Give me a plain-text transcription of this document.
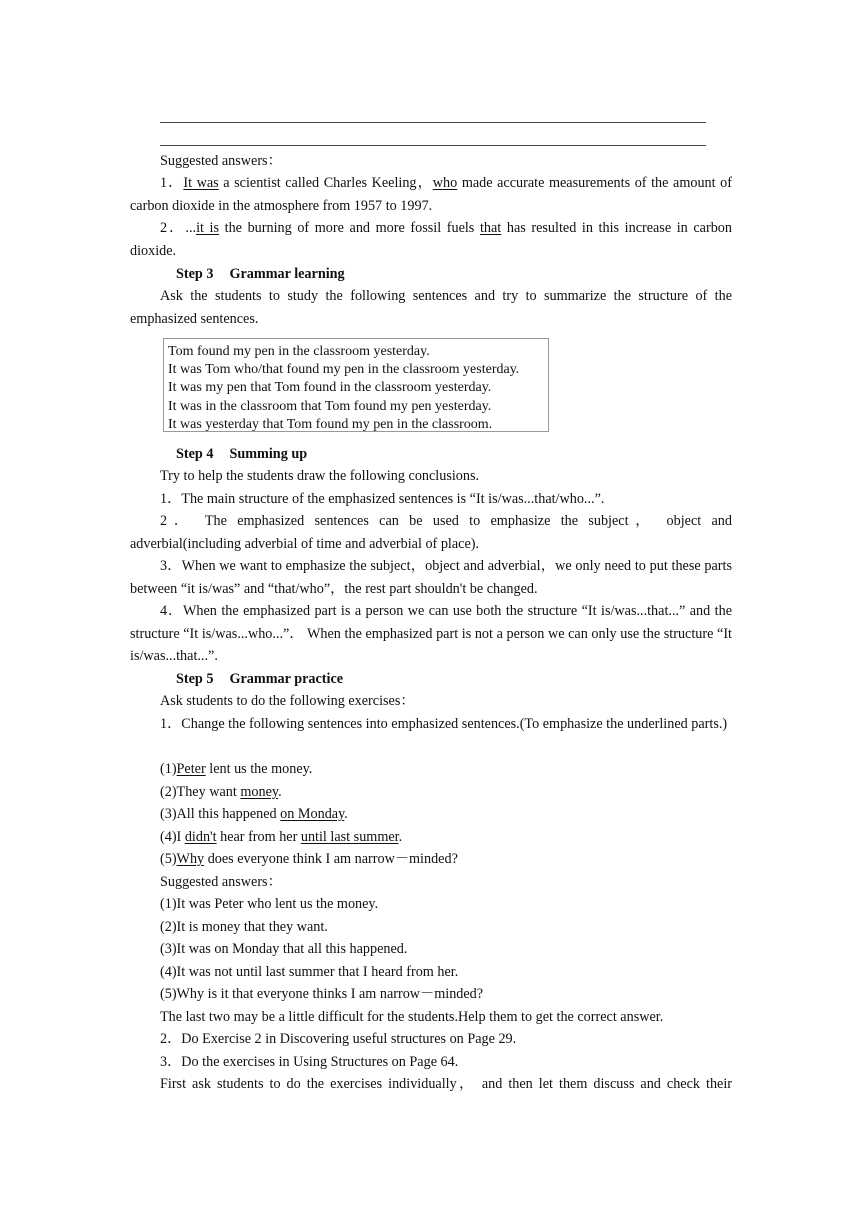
Suggested answers：

1．It was a scientist called Charles Keeling，who made accurate measurements of the amount of carbon dioxide in the atmosphere from 1957 to 1997.

2．...it is the burning of more and more fossil fuels that has resulted in this increase in carbon dioxide.

Step 3 Grammar learning

Ask the students to study the following sentences and try to summarize the structure of the emphasized sentences.

Tom found my pen in the classroom yesterday.
It was Tom who/that found my pen in the classroom yesterday.
It was my pen that Tom found in the classroom yesterday.
It was in the classroom that Tom found my pen yesterday.
It was yesterday that Tom found my pen in the classroom.
Step 4 Summing up

Try to help the students draw the following conclusions.

1．The main structure of the emphasized sentences is “It is/was...that/who...”.

2． The emphasized sentences can be used to emphasize the subject， object and adverbial(including adverbial of time and adverbial of place).

3．When we want to emphasize the subject，object and adverbial，we only need to put these parts between “it is/was” and “that/who”，the rest part shouldn't be changed.

4．When the emphasized part is a person we can use both the structure “It is/was...that...” and the structure “It is/was...who...”． When the emphasized part is not a person we can only use the structure “It is/was...that...”.

Step 5 Grammar practice

Ask students to do the following exercises：

1．Change the following sentences into emphasized sentences.(To emphasize the underlined parts.)

(1)Peter lent us the money.

(2)They want money.

(3)All this happened on Monday.

(4)I didn't hear from her until last summer.

(5)Why does everyone think I am narrow－minded?

Suggested answers：

(1)It was Peter who lent us the money.

(2)It is money that they want.

(3)It was on Monday that all this happened.

(4)It was not until last summer that I heard from her.

(5)Why is it that everyone thinks I am narrow－minded?

The last two may be a little difficult for the students.Help them to get the correct answer.

2．Do Exercise 2 in Discovering useful structures on Page 29.

3．Do the exercises in Using Structures on Page 64.

First ask students to do the exercises individually， and then let them discuss and check their
